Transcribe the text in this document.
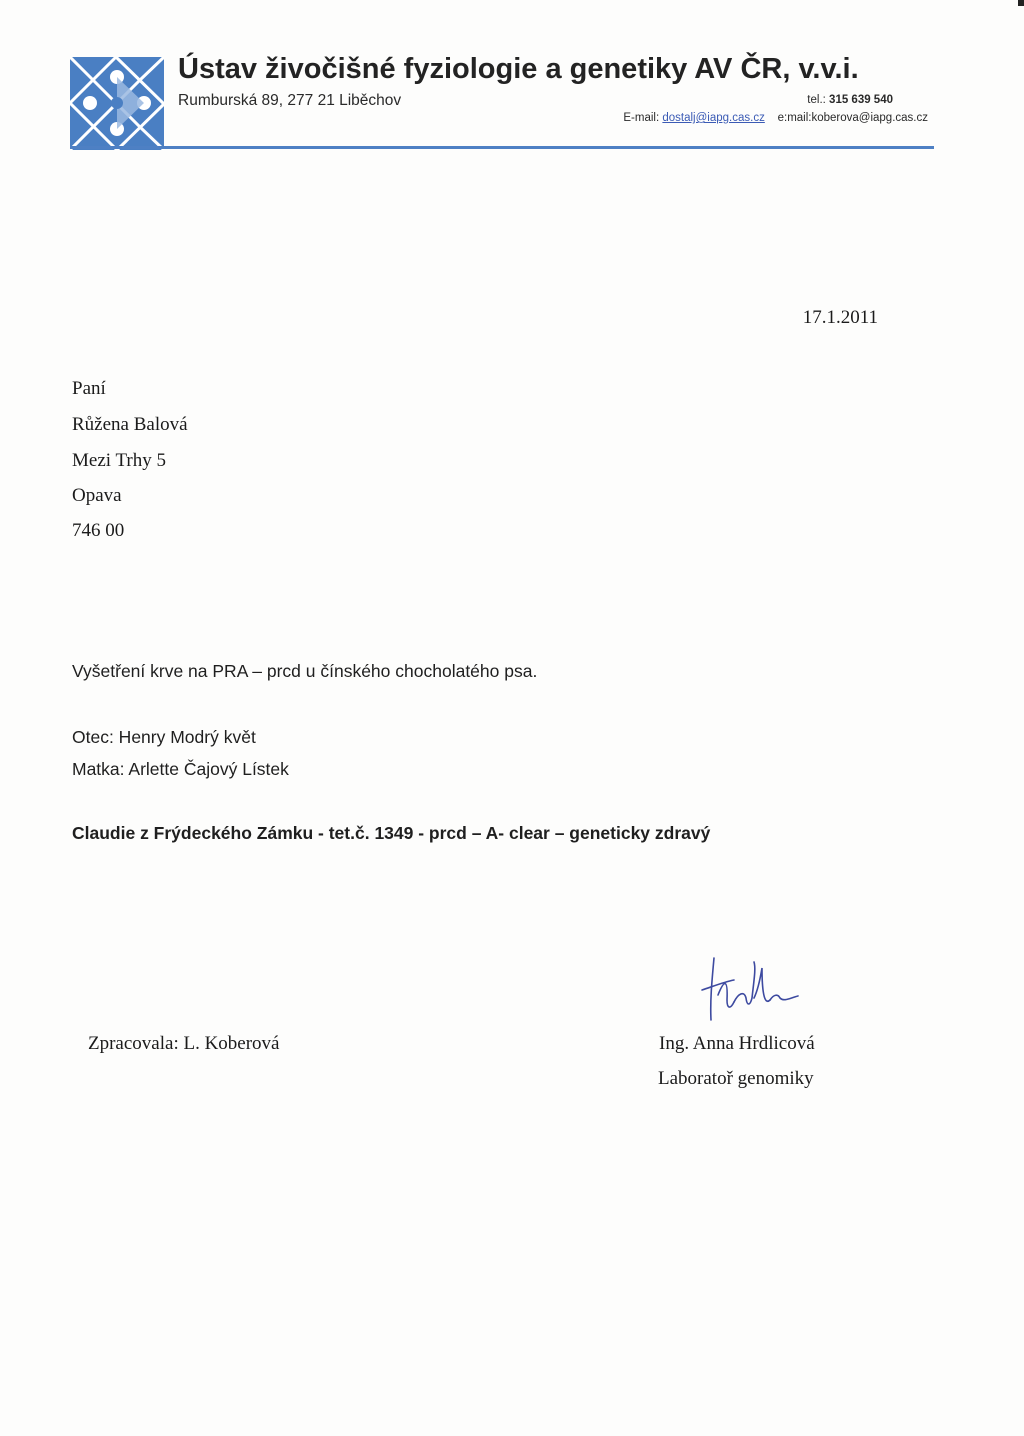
Ústav živočišné fyziologie a genetiky AV ČR, v.v.i.
Rumburská 89, 277 21 Liběchov	tel.: 315 639 540
E-mail: dostalj@iapg.cas.cz e:mail:koberova@iapg.cas.cz
17.1.2011
Paní
Růžena Balová
Mezi Trhy 5
Opava
746 00
Vyšetření krve na PRA – prcd u čínského chocholatého psa.
Otec: Henry Modrý květ
Matka: Arlette Čajový Lístek
Claudie z Frýdeckého Zámku - tet.č. 1349 - prcd – A- clear – geneticky zdravý
Zpracovala: L. Koberová	Ing. Anna Hrdlicová
Laboratoř genomiky
